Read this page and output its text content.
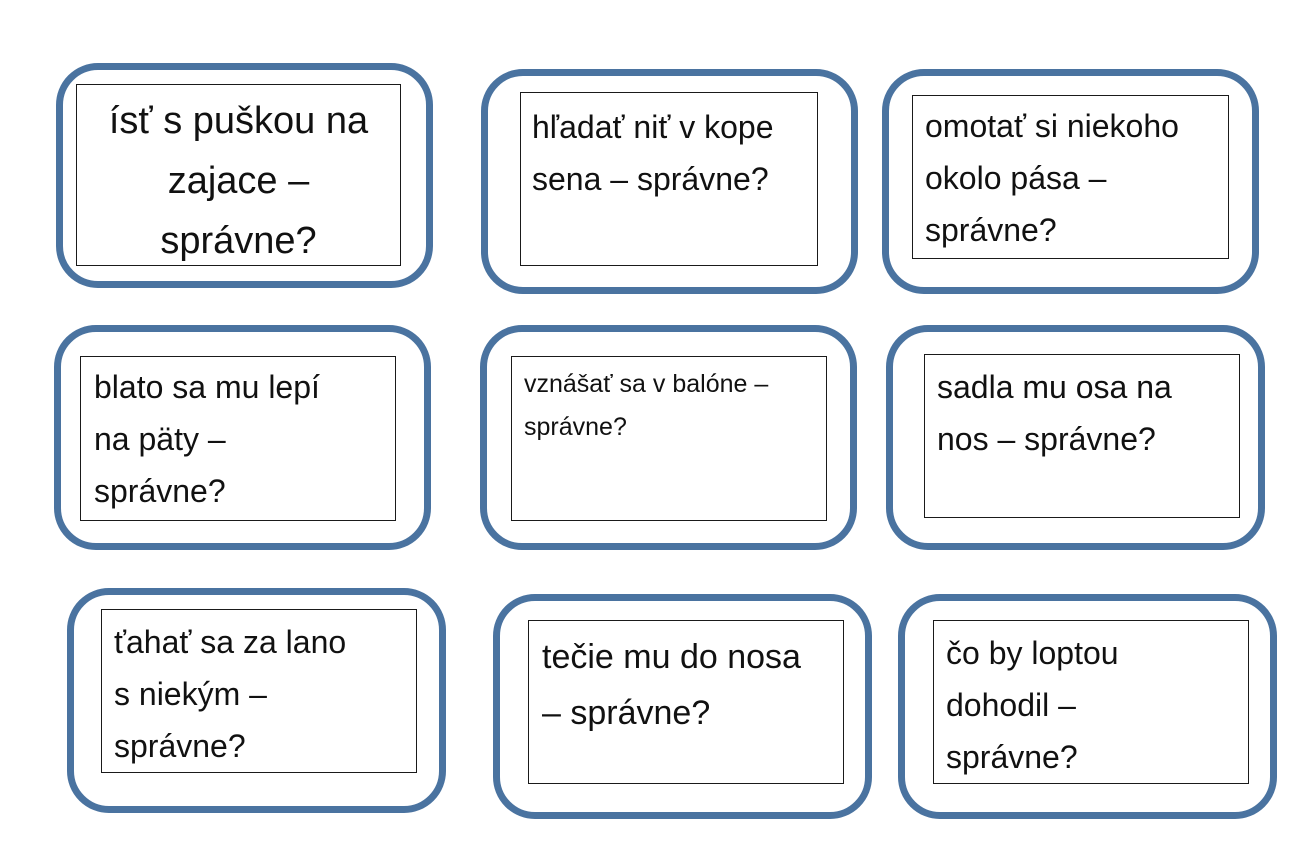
ísť s puškou na
zajace –
správne?
hľadať niť v kope
sena – správne?
omotať si niekoho
okolo pása –
správne?
blato sa mu lepí
na päty –
správne?
vznášať sa v balóne –
správne?
sadla mu osa na
nos – správne?
ťahať sa za lano
s niekým –
správne?
tečie mu do nosa
– správne?
čo by loptou
dohodil –
správne?
